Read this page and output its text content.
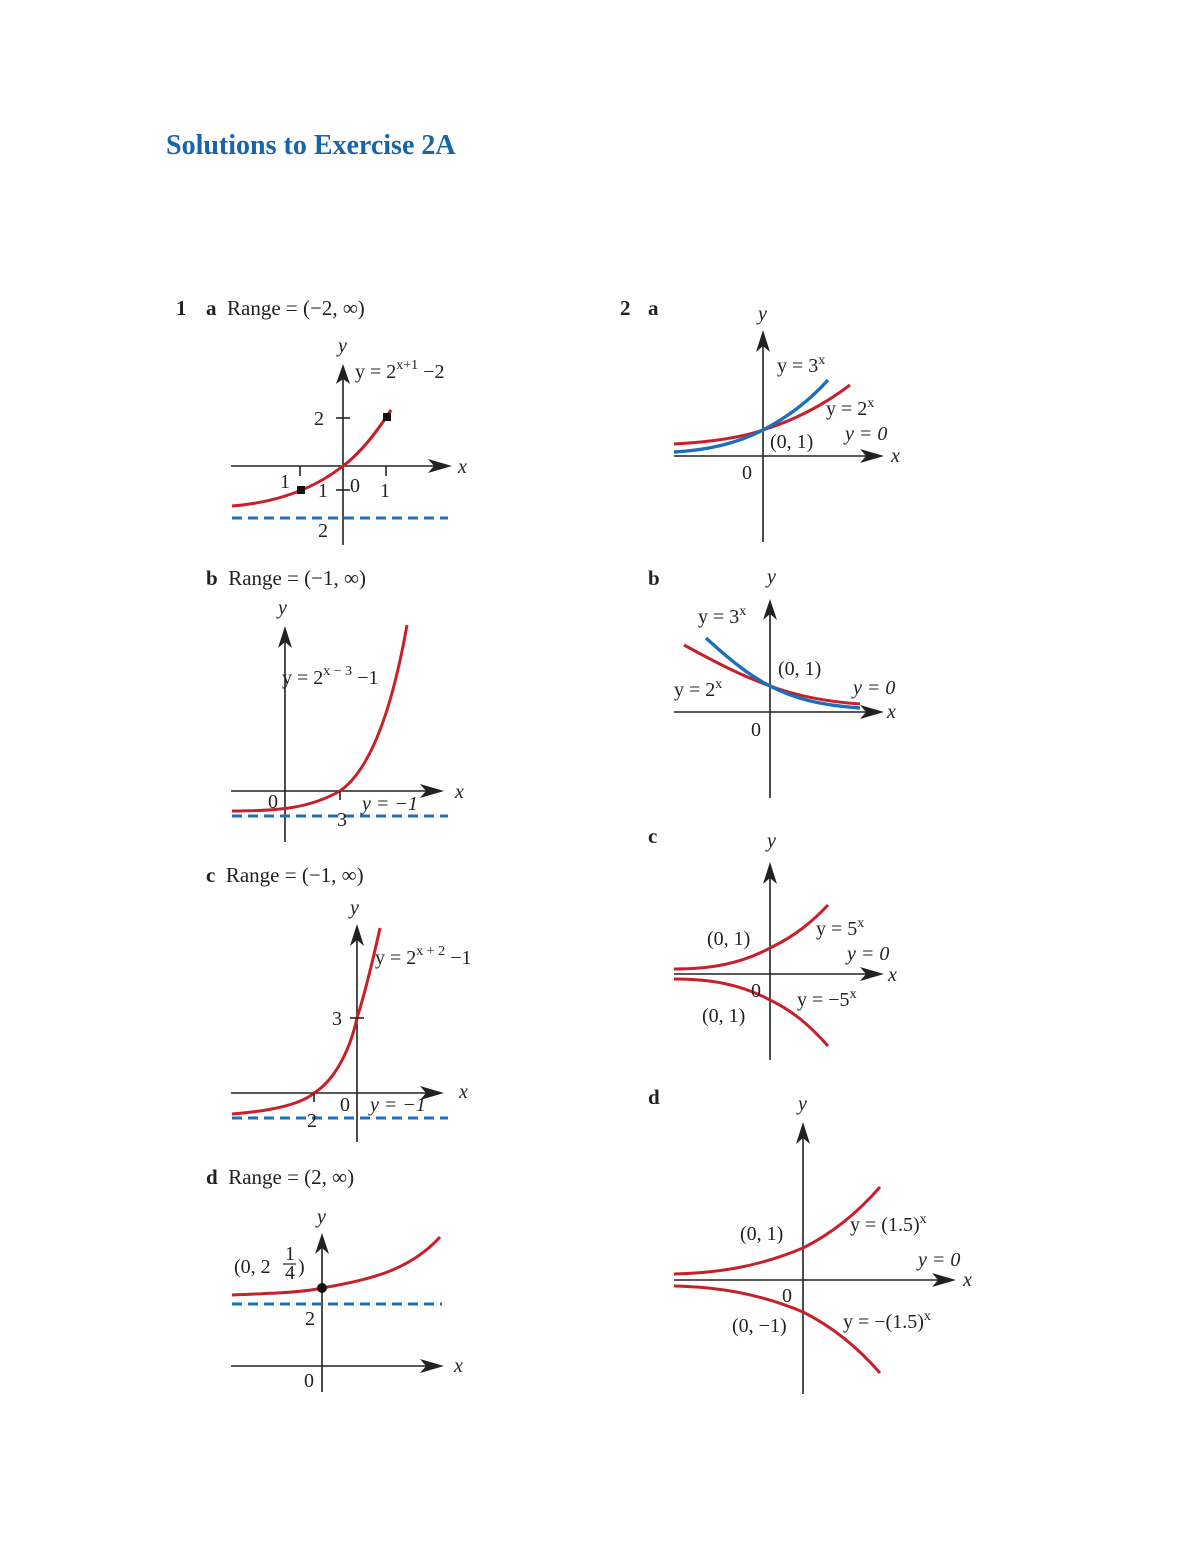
Solutions to Exercise 2A
1 a Range = (−2, ∞)
b Range = (−1, ∞)
c Range = (−1, ∞)
d Range = (2, ∞)
2 a
b
c
d
2
1 1 0 1
2
x
y
$y = 2^{x+1} -2$
0
3
x
y
$y = 2^{x - 3} -1$
y = −1
3
0
2
x
y
$y = 2^{x + 2} -1$
y = −1
2
0
x
y
(0, 2
1
4 )
0
x
y
$y = 3^x$
$y = 2^x$
(0, 1) y = 0
0
x
y
$y = 3^x$
$y = 2^x$
(0, 1)
y = 0
0
x
y
$y = 5^x$
$y = -5^x$
(0, 1)
(0, 1)
y = 0
0
x
y
$y = (1.5)^x$
$y = -(1.5)^x$
(0, 1)
(0, −1)
y = 0
